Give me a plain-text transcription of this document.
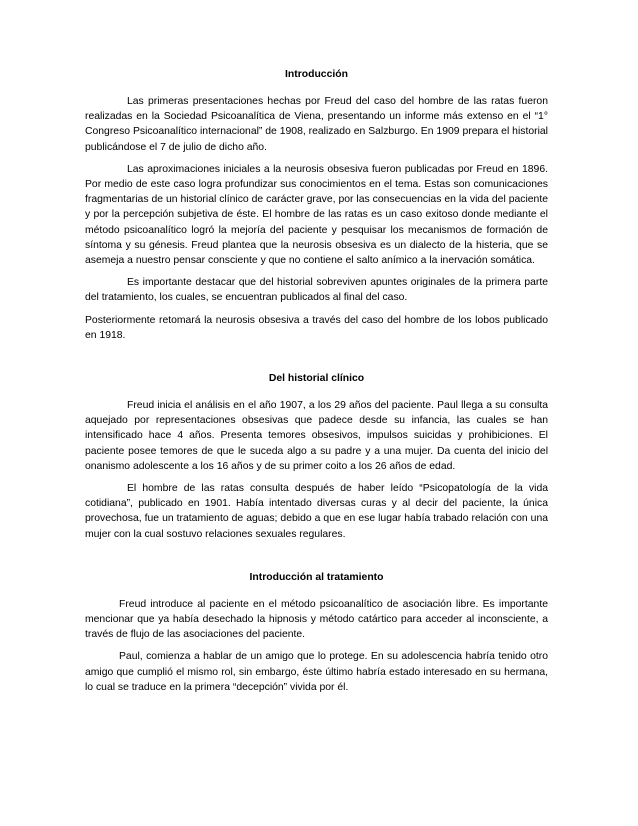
Introducción

Las primeras presentaciones hechas por Freud del caso del hombre de las ratas fueron realizadas en la Sociedad Psicoanalítica de Viena, presentando un informe más extenso en el “1° Congreso Psicoanalítico internacional” de 1908, realizado en Salzburgo. En 1909 prepara el historial publicándose el 7 de julio de dicho año.

Las aproximaciones iniciales a la neurosis obsesiva fueron publicadas por Freud en 1896. Por medio de este caso logra profundizar sus conocimientos en el tema. Estas son comunicaciones fragmentarias de un historial clínico de carácter grave, por las consecuencias en la vida del paciente y por la percepción subjetiva de éste. El hombre de las ratas es un caso exitoso donde mediante el método psicoanalítico logró la mejoría del paciente y pesquisar los mecanismos de formación de síntoma y su génesis. Freud plantea que la neurosis obsesiva es un dialecto de la histeria, que se asemeja a nuestro pensar consciente y que no contiene el salto anímico a la inervación somática.

Es importante destacar que del historial sobreviven apuntes originales de la primera parte del tratamiento, los cuales, se encuentran publicados al final del caso.

Posteriormente retomará la neurosis obsesiva a través del caso del hombre de los lobos publicado en 1918.

Del historial clínico

Freud inicia el análisis en el año 1907, a los 29 años del paciente. Paul llega a su consulta aquejado por representaciones obsesivas que padece desde su infancia, las cuales se han intensificado hace 4 años. Presenta temores obsesivos, impulsos suicidas y prohibiciones. El paciente posee temores de que le suceda algo a su padre y a una mujer. Da cuenta del inicio del onanismo adolescente a los 16 años y de su primer coito a los 26 años de edad.

El hombre de las ratas consulta después de haber leído “Psicopatología de la vida cotidiana”, publicado en 1901. Había intentado diversas curas y al decir del paciente, la única provechosa, fue un tratamiento de aguas; debido a que en ese lugar había trabado relación con una mujer con la cual sostuvo relaciones sexuales regulares.

Introducción al tratamiento

Freud introduce al paciente en el método psicoanalítico de asociación libre. Es importante mencionar que ya había desechado la hipnosis y método catártico para acceder al inconsciente, a través de flujo de las asociaciones del paciente.

Paul, comienza a hablar de un amigo que lo protege. En su adolescencia habría tenido otro amigo que cumplió el mismo rol, sin embargo, éste último habría estado interesado en su hermana, lo cual se traduce en la primera “decepción” vivida por él.
